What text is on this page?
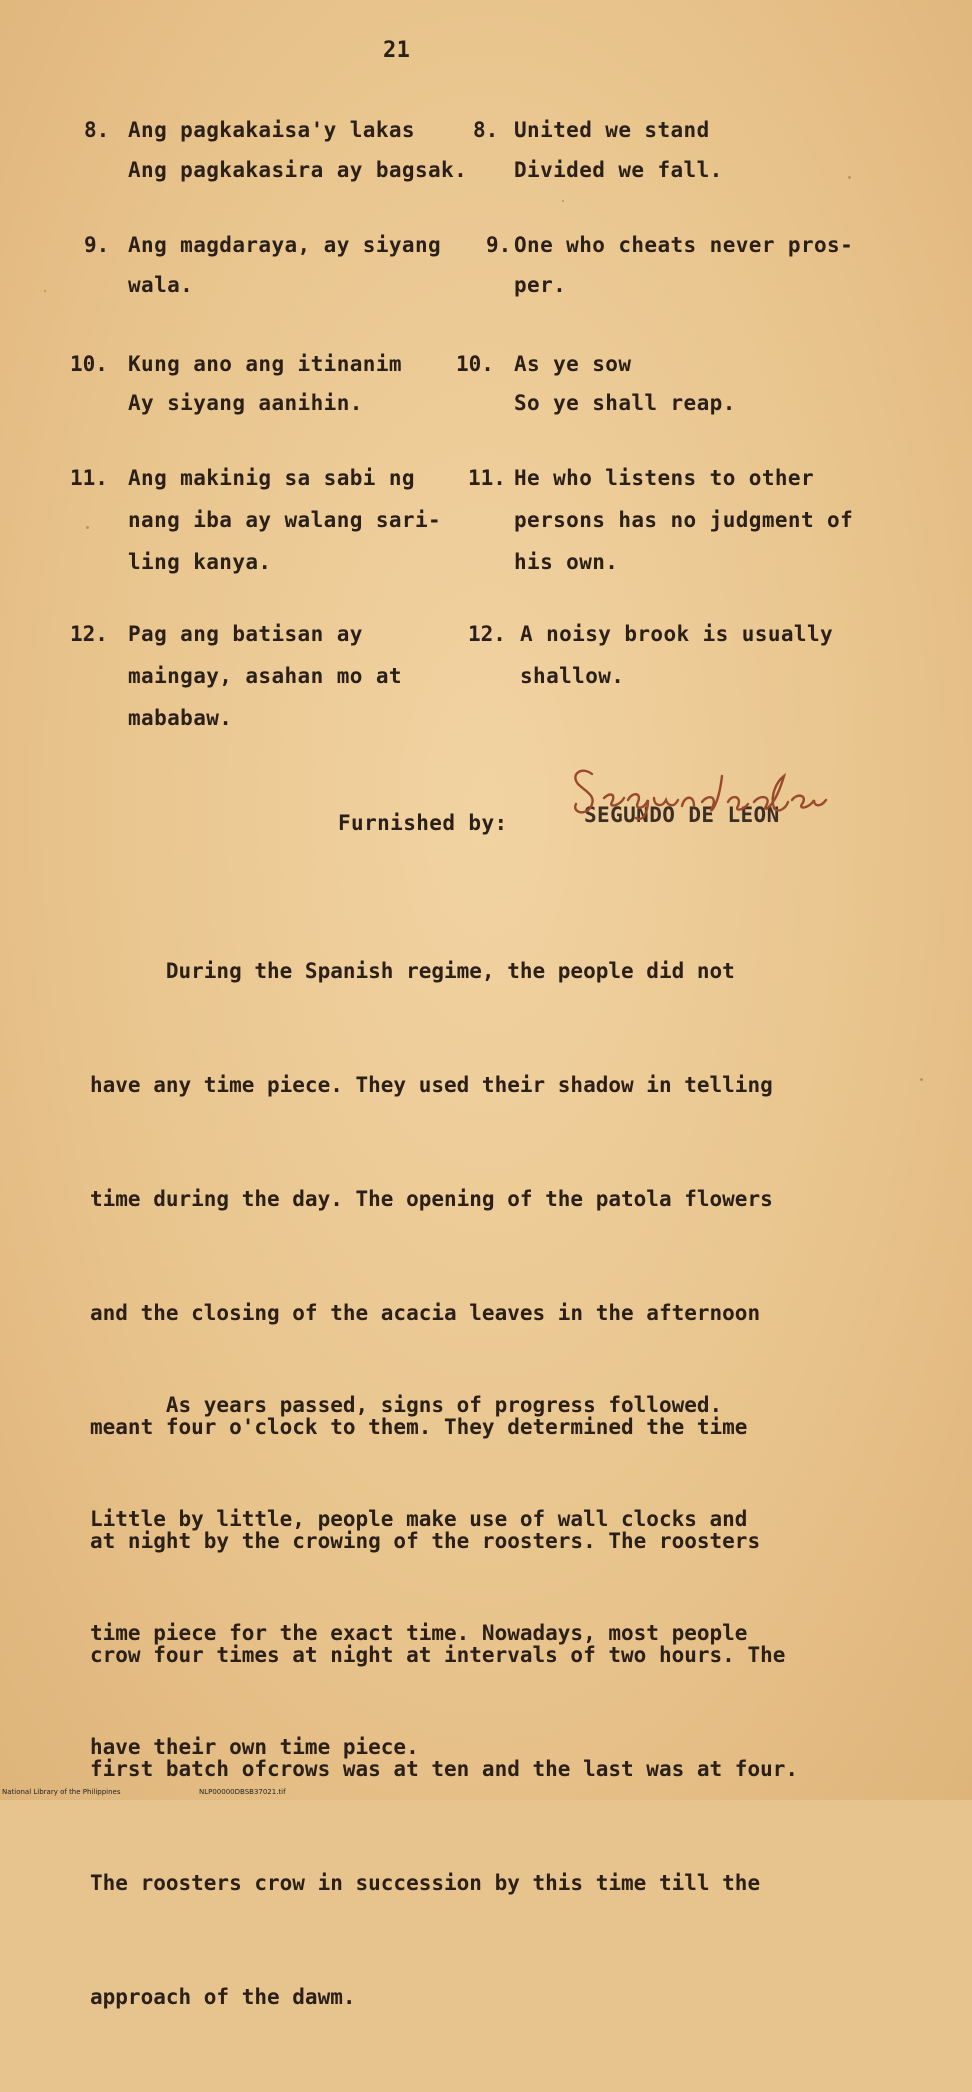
21
8. Ang pagkakaisa'y lakas
Ang pagkakasira ay bagsak.
8. United we stand
Divided we fall.
9. Ang magdaraya, ay siyang
wala.
9. One who cheats never pros-
per.
10. Kung ano ang itinanim
Ay siyang aanihin.
10. As ye sow
So ye shall reap.
11. Ang makinig sa sabi ng
nang iba ay walang sari-
ling kanya.
11. He who listens to other
persons has no judgment of
his own.
12. Pag ang batisan ay
maingay, asahan mo at
mababaw.
12. A noisy brook is usually
shallow.
Furnished by:	SEGUNDO DE LEON

During the Spanish regime, the people did not

have any time piece. They used their shadow in telling

time during the day. The opening of the patola flowers

and the closing of the acacia leaves in the afternoon

meant four o'clock to them. They determined the time

at night by the crowing of the roosters. The roosters

crow four times at night at intervals of two hours. The

first batch ofcrows was at ten and the last was at four.

The roosters crow in succession by this time till the

approach of the dawm.

As years passed, signs of progress followed.

Little by little, people make use of wall clocks and

time piece for the exact time. Nowadays, most people

have their own time piece.

National Library of the Philippines	NLP00000DBSB37021.tif
